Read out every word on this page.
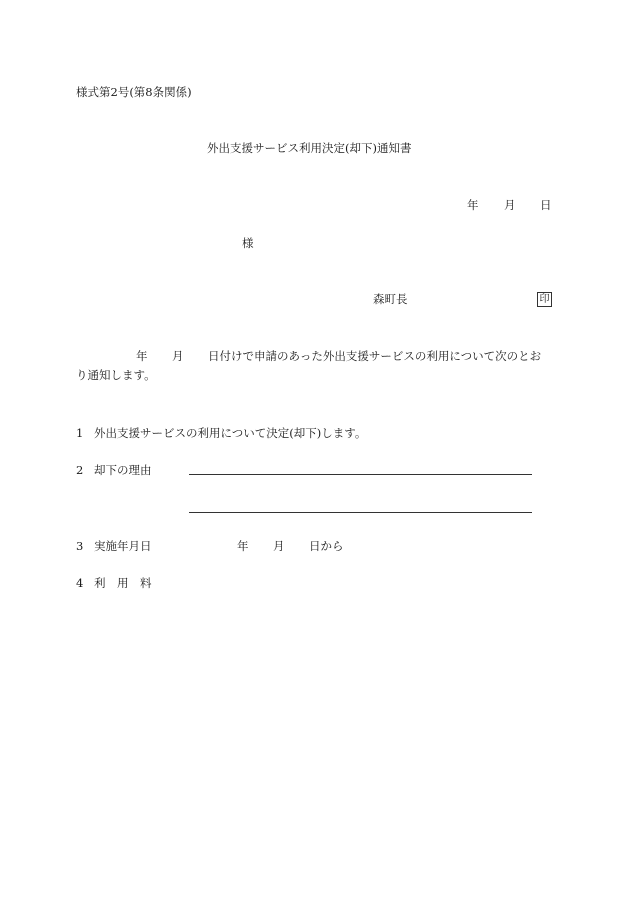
様式第2号(第8条関係)
外出支援サービス利用決定(却下)通知書
年 月 日
様
森町長	印
年 月 日付けで申請のあった外出支援サービスの利用について次のとお
り通知します。
1 外出支援サービスの利用について決定(却下)します。
2 却下の理由
3 実施年月日	年 月 日から
4 利　用　料
